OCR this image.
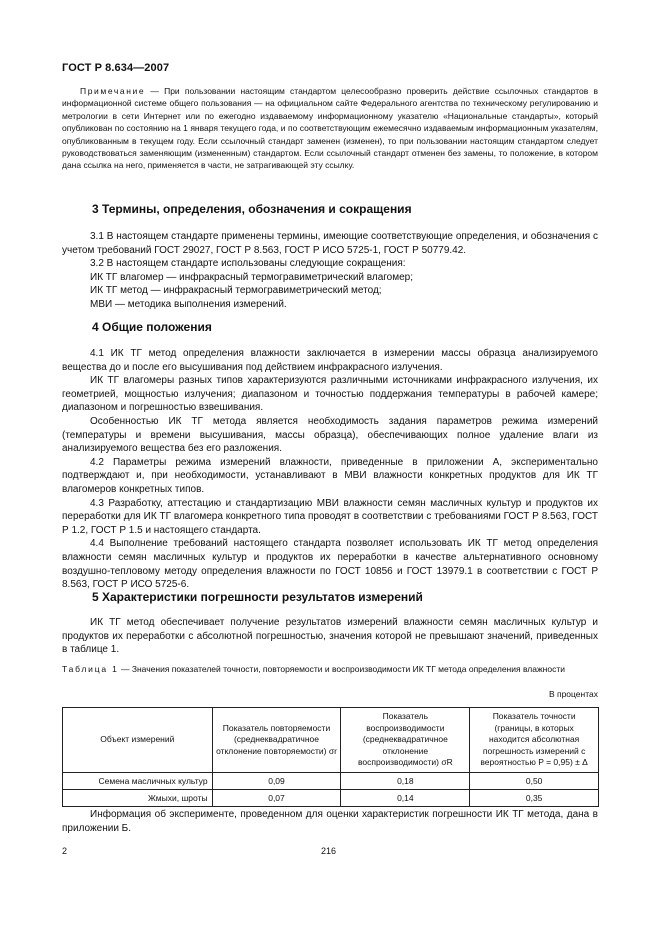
ГОСТ Р 8.634—2007

Примечание — При пользовании настоящим стандартом целесообразно проверить действие ссылочных стандартов в информационной системе общего пользования — на официальном сайте Федерального агентства по техническому регулированию и метрологии в сети Интернет или по ежегодно издаваемому информационному указателю «Национальные стандарты», который опубликован по состоянию на 1 января текущего года, и по соответствующим ежемесячно издаваемым информационным указателям, опубликованным в текущем году. Если ссылочный стандарт заменен (изменен), то при пользовании настоящим стандартом следует руководствоваться заменяющим (измененным) стандартом. Если ссылочный стандарт отменен без замены, то положение, в котором дана ссылка на него, применяется в части, не затрагивающей эту ссылку.

3 Термины, определения, обозначения и сокращения

3.1 В настоящем стандарте применены термины, имеющие соответствующие определения, и обозначения с учетом требований ГОСТ 29027, ГОСТ Р 8.563, ГОСТ Р ИСО 5725-1, ГОСТ Р 50779.42.

3.2 В настоящем стандарте использованы следующие сокращения:

ИК ТГ влагомер — инфракрасный термогравиметрический влагомер;

ИК ТГ метод — инфракрасный термогравиметрический метод;

МВИ — методика выполнения измерений.

4 Общие положения

4.1 ИК ТГ метод определения влажности заключается в измерении массы образца анализируемого вещества до и после его высушивания под действием инфракрасного излучения.

ИК ТГ влагомеры разных типов характеризуются различными источниками инфракрасного излучения, их геометрией, мощностью излучения; диапазоном и точностью поддержания температуры в рабочей камере; диапазоном и погрешностью взвешивания.

Особенностью ИК ТГ метода является необходимость задания параметров режима измерений (температуры и времени высушивания, массы образца), обеспечивающих полное удаление влаги из анализируемого вещества без его разложения.

4.2 Параметры режима измерений влажности, приведенные в приложении А, экспериментально подтверждают и, при необходимости, устанавливают в МВИ влажности конкретных продуктов для ИК ТГ влагомеров конкретных типов.

4.3 Разработку, аттестацию и стандартизацию МВИ влажности семян масличных культур и продуктов их переработки для ИК ТГ влагомера конкретного типа проводят в соответствии с требованиями ГОСТ Р 8.563, ГОСТ Р 1.2, ГОСТ Р 1.5 и настоящего стандарта.

4.4 Выполнение требований настоящего стандарта позволяет использовать ИК ТГ метод определения влажности семян масличных культур и продуктов их переработки в качестве альтернативного основному воздушно-тепловому методу определения влажности по ГОСТ 10856 и ГОСТ 13979.1 в соответствии с ГОСТ Р 8.563, ГОСТ Р ИСО 5725-6.

5 Характеристики погрешности результатов измерений

ИК ТГ метод обеспечивает получение результатов измерений влажности семян масличных культур и продуктов их переработки с абсолютной погрешностью, значения которой не превышают значений, приведенных в таблице 1.

Таблица 1 — Значения показателей точности, повторяемости и воспроизводимости ИК ТГ метода определения влажности
В процентах
Объект измерений	Показатель повторяемости (среднеквадратичное отклонение повторяемости) σr	Показатель воспроизводимости (среднеквадратичное отклонение воспроизводимости) σR	Показатель точности (границы, в которых находится абсолютная погрешность измерений с вероятностью P = 0,95) ± Δ
Семена масличных культур	0,09	0,18	0,50
Жмыхи, шроты	0,07	0,14	0,35

Информация об эксперименте, проведенном для оценки характеристик погрешности ИК ТГ метода, дана в приложении Б.

2	216
